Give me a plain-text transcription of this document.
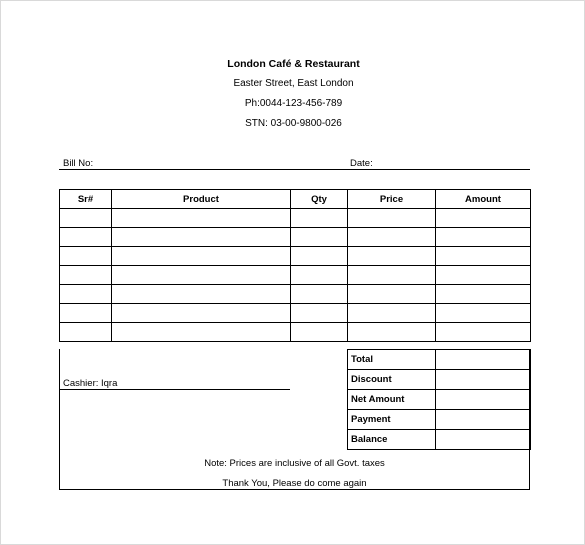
London Café & Restaurant
Easter Street, East London
Ph:0044-123-456-789
STN: 03-00-9800-026
Bill No:	Date:
Sr#	Product	Qty	Price	Amount

Total	
Discount	
Net Amount	
Payment	
Balance	
Cashier: Iqra
Note: Prices are inclusive of all Govt. taxes
Thank You, Please do come again
